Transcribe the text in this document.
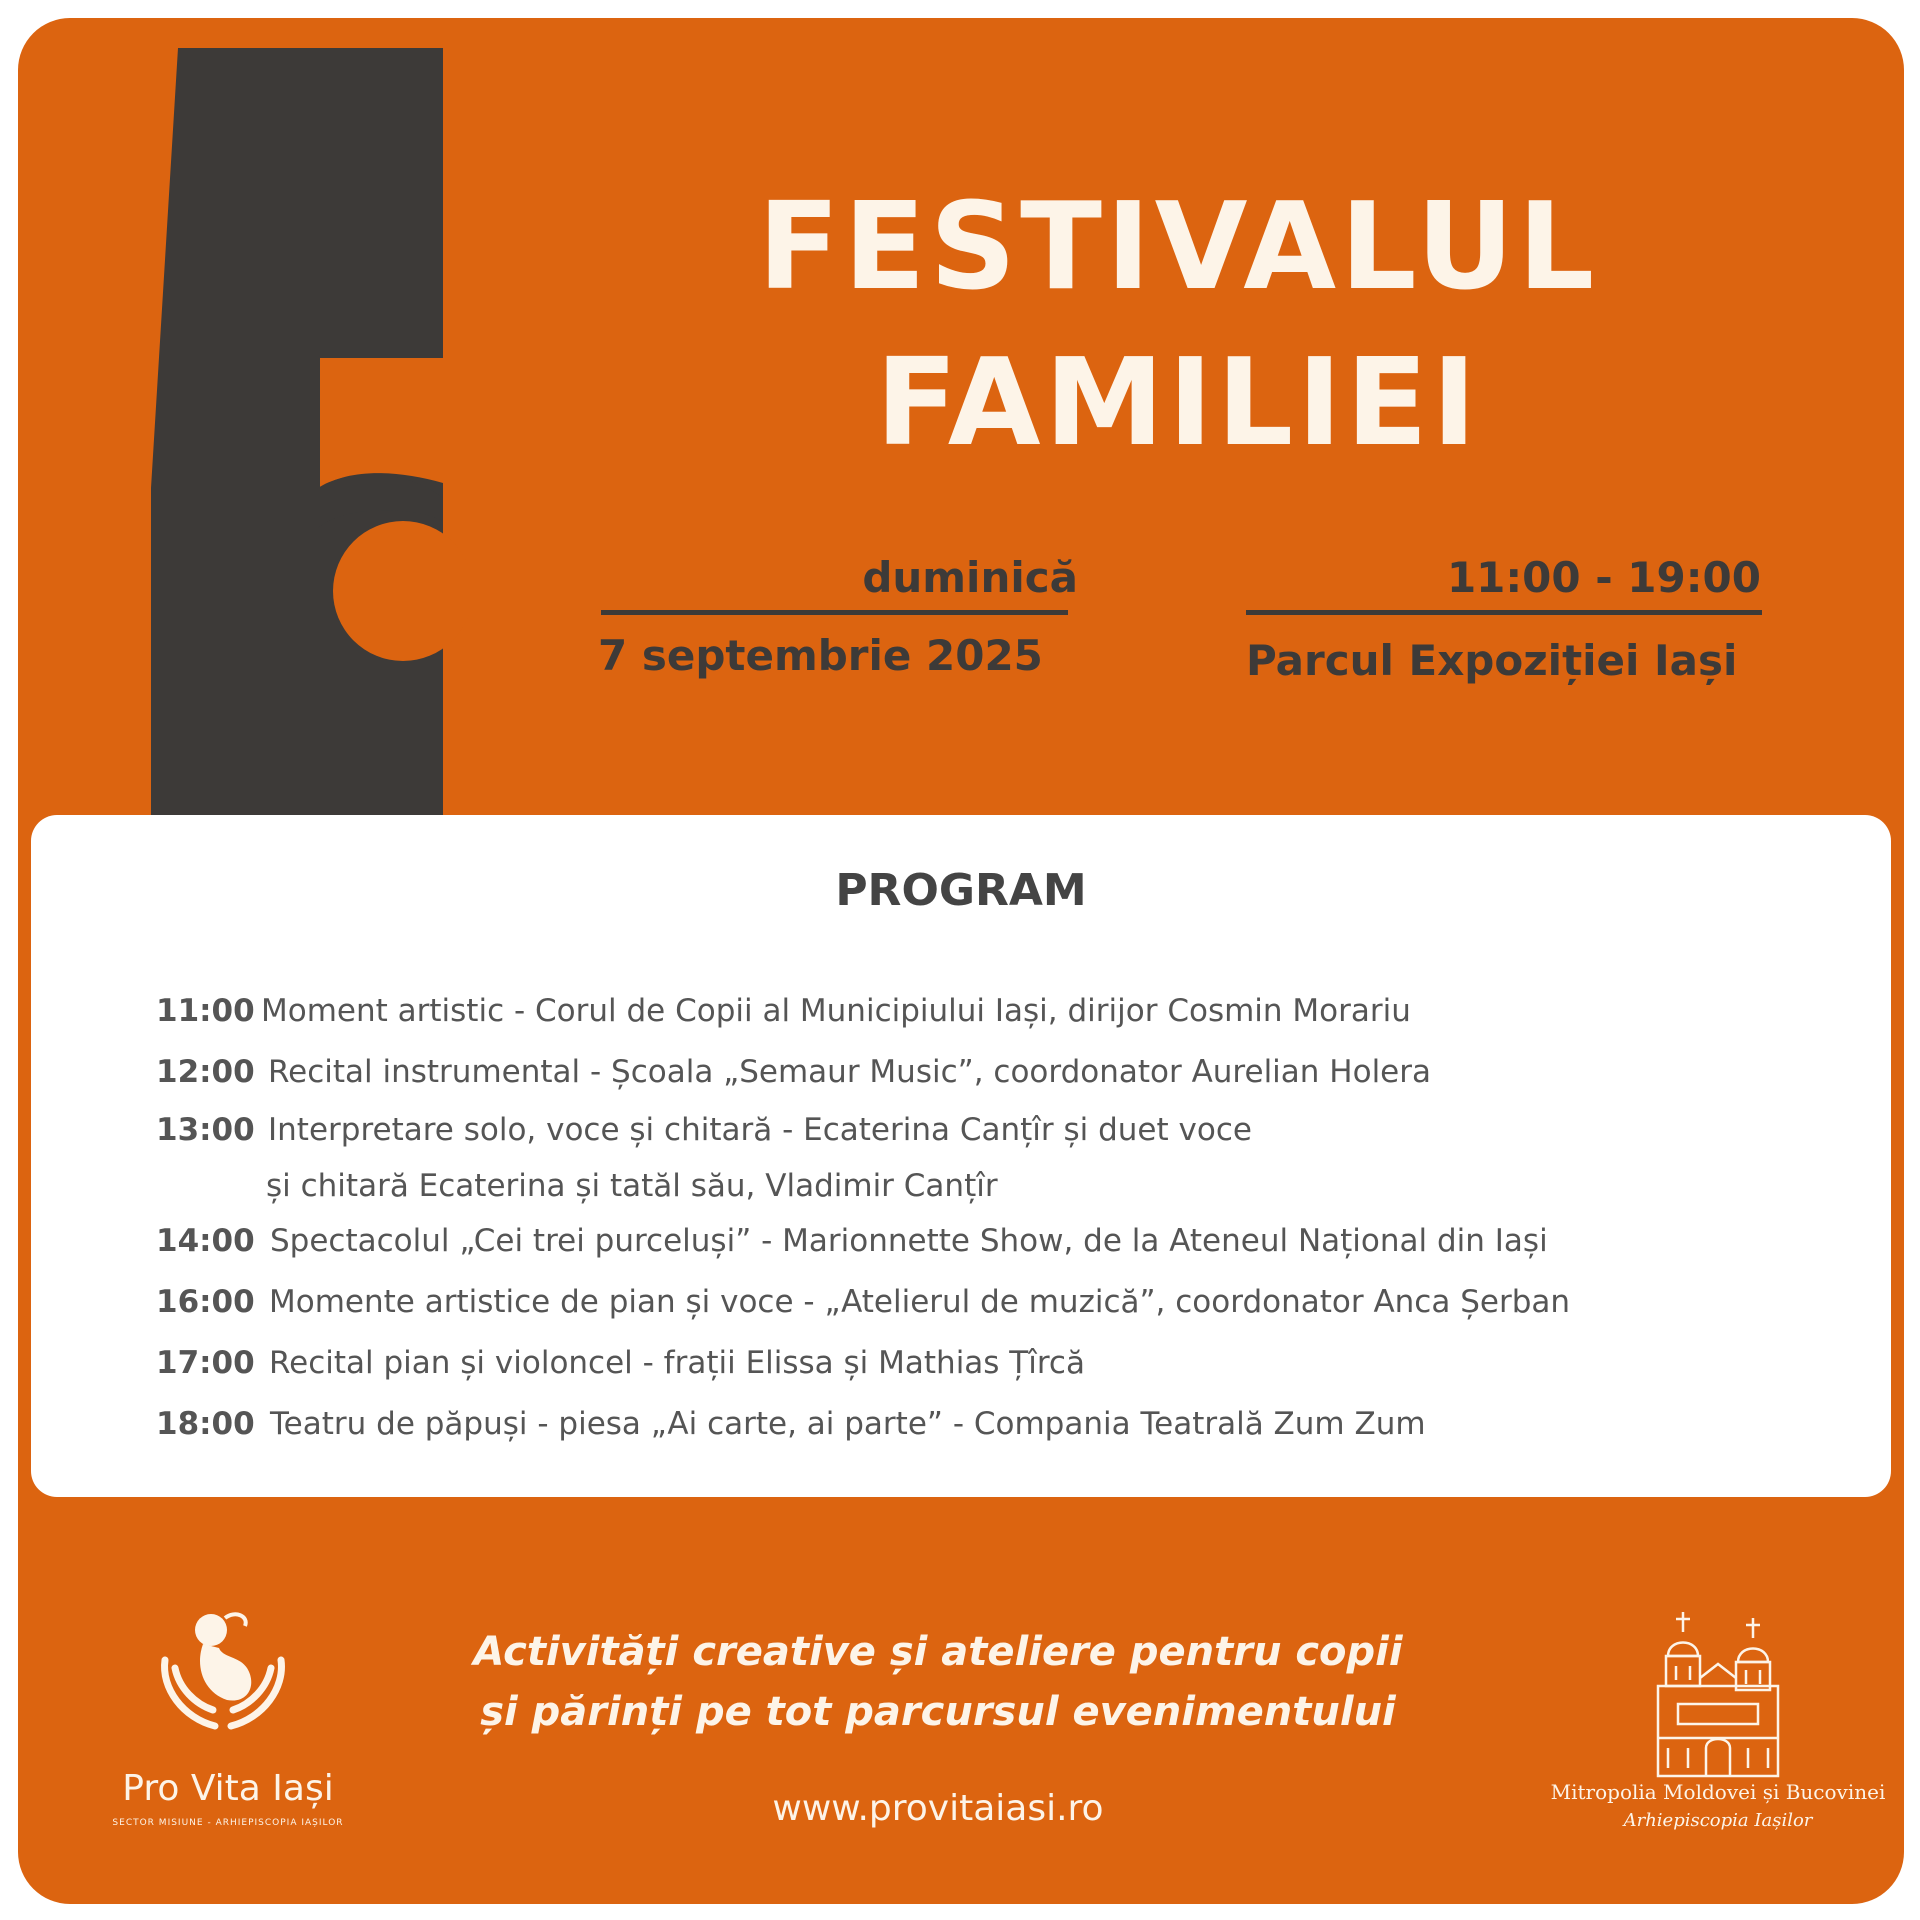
FESTIVALUL
FAMILIEI
duminică
7 septembrie 2025
11:00 - 19:00
Parcul Expoziției Iași
PROGRAM
11:00 Moment artistic - Corul de Copii al Municipiului Iași, dirijor Cosmin Morariu
12:00 Recital instrumental - Școala „Semaur Music”, coordonator Aurelian Holera
13:00 Interpretare solo, voce și chitară - Ecaterina Canțîr și duet voce
și chitară Ecaterina și tatăl său, Vladimir Canțîr
14:00 Spectacolul „Cei trei purceluși” - Marionnette Show, de la Ateneul Național din Iași
16:00 Momente artistice de pian și voce - „Atelierul de muzică”, coordonator Anca Șerban
17:00 Recital pian și violoncel - frații Elissa și Mathias Țîrcă
18:00 Teatru de păpuși - piesa „Ai carte, ai parte” - Compania Teatrală Zum Zum
Pro Vita Iași
SECTOR MISIUNE - ARHIEPISCOPIA IAȘILOR
Activități creative și ateliere pentru copii
și părinți pe tot parcursul evenimentului
www.provitaiasi.ro	Mitropolia Moldovei și Bucovinei
Arhiepiscopia Iașilor
